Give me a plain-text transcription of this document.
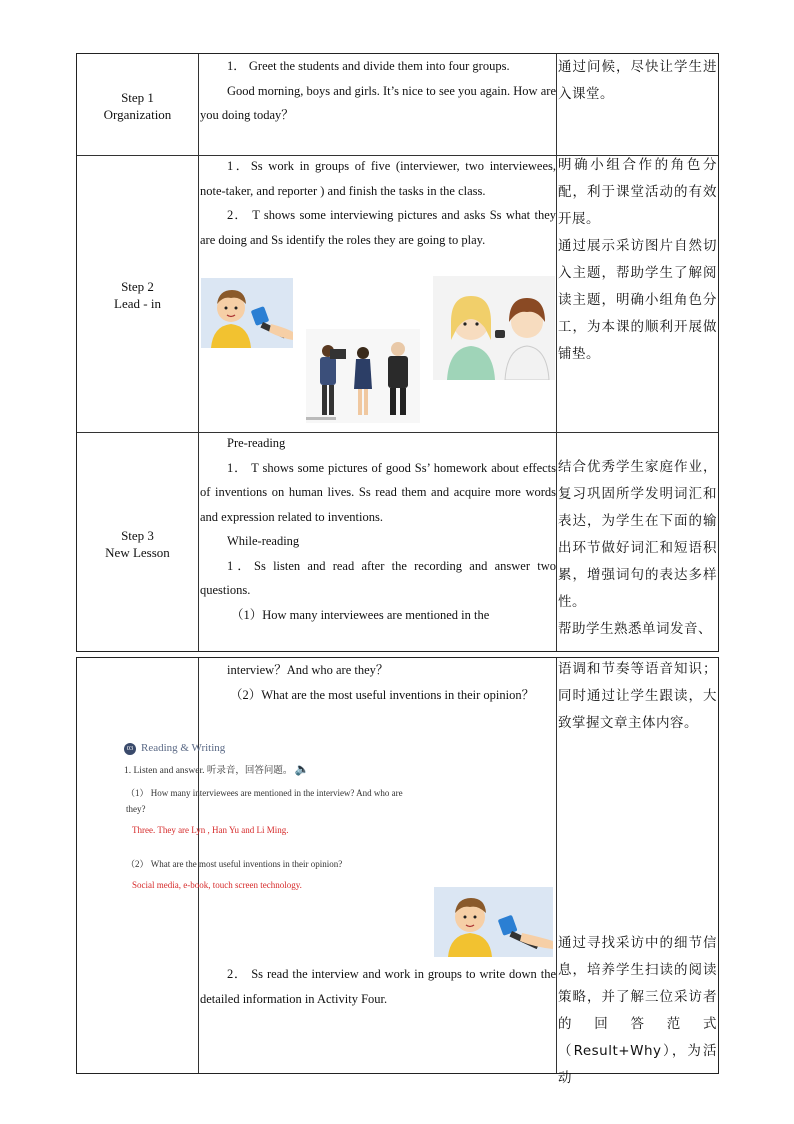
Step 1
Organization

1． Greet the students and divide them into four groups.

Good morning, boys and girls. It’s nice to see you again. How are you doing today？

通过问候，尽快让学生进入课堂。

Step 2
Lead - in

1．Ss work in groups of five (interviewer, two interviewees, note-taker, and reporter ) and finish the tasks in the class.

2． T shows some interviewing pictures and asks Ss what they are doing and Ss identify the roles they are going to play.

明确小组合作的角色分配，利于课堂活动的有效开展。

通过展示采访图片自然切入主题，帮助学生了解阅读主题，明确小组角色分工，为本课的顺利开展做铺垫。

Step 3
New Lesson

Pre-reading

1． T shows some pictures of good Ss’ homework about effects of inventions on human lives. Ss read them and acquire more words and expression related to inventions.

While-reading

1．Ss listen and read after the recording and answer two questions.

（1）How many interviewees are mentioned in the

结合优秀学生家庭作业，复习巩固所学发明词汇和表达，为学生在下面的输出环节做好词汇和短语积累，增强词句的表达多样性。

帮助学生熟悉单词发音、

interview？And who are they？

（2）What are the most useful inventions in their opinion？

2． Ss read the interview and work in groups to write down the detailed information in Activity Four.

语调和节奏等语音知识；同时通过让学生跟读，大致掌握文章主体内容。

通过寻找采访中的细节信息，培养学生扫读的阅读策略，并了解三位采访者的 回 答 范 式（Result+Why），为活动

03 Reading & Writing
1. Listen and answer. 听录音，回答问题。 🔈
（1） How many interviewees are mentioned in the interview? And who are
they?
Three. They are Lyn , Han Yu and Li Ming.
（2） What are the most useful inventions in their opinion?
Social media, e-book, touch screen technology.
